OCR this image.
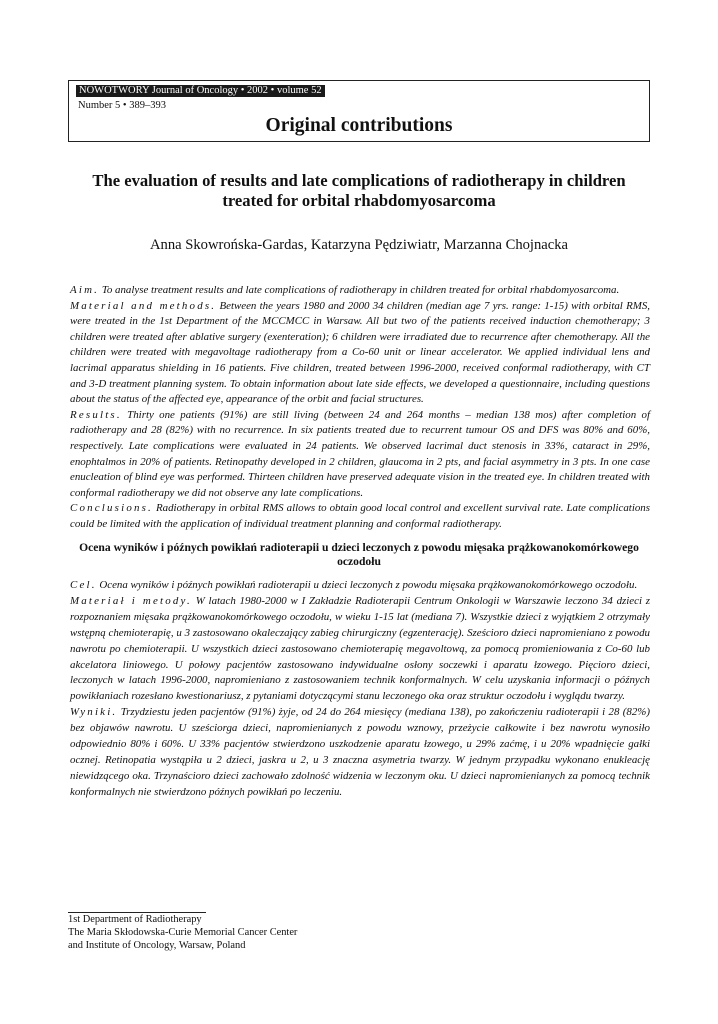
NOWOTWORY Journal of Oncology • 2002 • volume 52
Number 5 • 389–393
Original contributions
The evaluation of results and late complications of radiotherapy in children treated for orbital rhabdomyosarcoma
Anna Skowrońska-Gardas, Katarzyna Pędziwiatr, Marzanna Chojnacka

Aim. To analyse treatment results and late complications of radiotherapy in children treated for orbital rhabdomyosarcoma.

Material and methods. Between the years 1980 and 2000 34 children (median age 7 yrs. range: 1-15) with orbital RMS, were treated in the 1st Department of the MCCMCC in Warsaw. All but two of the patients received induction chemotherapy; 3 children were treated after ablative surgery (exenteration); 6 children were irradiated due to recurrence after chemotherapy. All the children were treated with megavoltage radiotherapy from a Co-60 unit or linear accelerator. We applied individual lens and lacrimal apparatus shielding in 16 patients. Five children, treated between 1996-2000, received conformal radiotherapy, with CT and 3-D treatment planning system. To obtain information about late side effects, we developed a questionnaire, including questions about the status of the affected eye, appearance of the orbit and facial structures.

Results. Thirty one patients (91%) are still living (between 24 and 264 months – median 138 mos) after completion of radiotherapy and 28 (82%) with no recurrence. In six patients treated due to recurrent tumour OS and DFS was 80% and 60%, respectively. Late complications were evaluated in 24 patients. We observed lacrimal duct stenosis in 33%, cataract in 29%, enophtalmos in 20% of patients. Retinopathy developed in 2 children, glaucoma in 2 pts, and facial asymmetry in 3 pts. In one case enucleation of blind eye was performed. Thirteen children have preserved adequate vision in the treated eye. In children treated with conformal radiotherapy we did not observe any late complications.

Conclusions. Radiotherapy in orbital RMS allows to obtain good local control and excellent survival rate. Late complications could be limited with the application of individual treatment planning and conformal radiotherapy.

Ocena wyników i późnych powikłań radioterapii u dzieci leczonych z powodu mięsaka prążkowanokomórkowego oczodołu

Cel. Ocena wyników i późnych powikłań radioterapii u dzieci leczonych z powodu mięsaka prążkowanokomórkowego oczodołu.

Materiał i metody. W latach 1980-2000 w I Zakładzie Radioterapii Centrum Onkologii w Warszawie leczono 34 dzieci z rozpoznaniem mięsaka prążkowanokomórkowego oczodołu, w wieku 1-15 lat (mediana 7). Wszystkie dzieci z wyjątkiem 2 otrzymały wstępną chemioterapię, u 3 zastosowano okaleczający zabieg chirurgiczny (egzenterację). Sześcioro dzieci napromieniano z powodu nawrotu po chemioterapii. U wszystkich dzieci zastosowano chemioterapię megavoltową, za pomocą promieniowania z Co-60 lub akcelatora liniowego. U połowy pacjentów zastosowano indywidualne osłony soczewki i aparatu łzowego. Pięcioro dzieci, leczonych w latach 1996-2000, napromieniano z zastosowaniem technik konformalnych. W celu uzyskania informacji o późnych powikłaniach rozesłano kwestionariusz, z pytaniami dotyczącymi stanu leczonego oka oraz struktur oczodołu i wyglądu twarzy.

Wyniki. Trzydziestu jeden pacjentów (91%) żyje, od 24 do 264 miesięcy (mediana 138), po zakończeniu radioterapii i 28 (82%) bez objawów nawrotu. U sześciorga dzieci, napromienianych z powodu wznowy, przeżycie całkowite i bez nawrotu wynosiło odpowiednio 80% i 60%. U 33% pacjentów stwierdzono uszkodzenie aparatu łzowego, u 29% zaćmę, i u 20% wpadnięcie gałki ocznej. Retinopatia wystąpiła u 2 dzieci, jaskra u 2, u 3 znaczna asymetria twarzy. W jednym przypadku wykonano enukleację niewidzącego oka. Trzynaścioro dzieci zachowało zdolność widzenia w leczonym oku. U dzieci napromienianych za pomocą technik konformalnych nie stwierdzono późnych powikłań po leczeniu.

1st Department of Radiotherapy
The Maria Skłodowska-Curie Memorial Cancer Center
and Institute of Oncology, Warsaw, Poland
